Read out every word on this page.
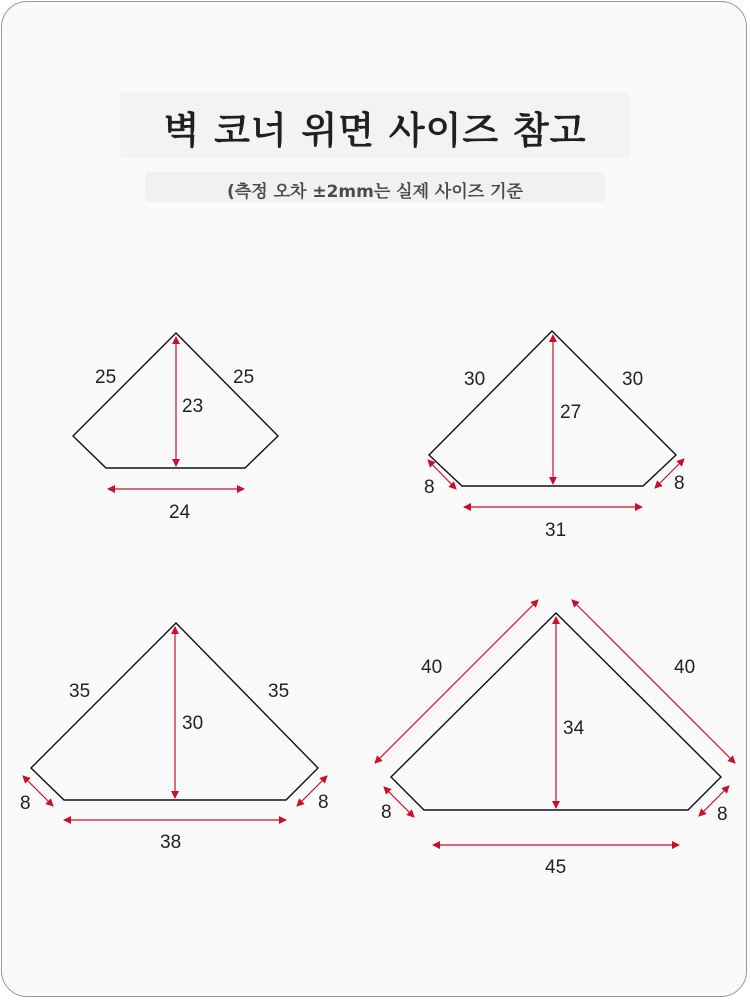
벽 코너 위면 사이즈 참고
(측정 오차 ±2mm는 실제 사이즈 기준
25	25
23
24
30	30
27
31
8	8
35	35
30
38
8	8
40	40
34
45
8	8
